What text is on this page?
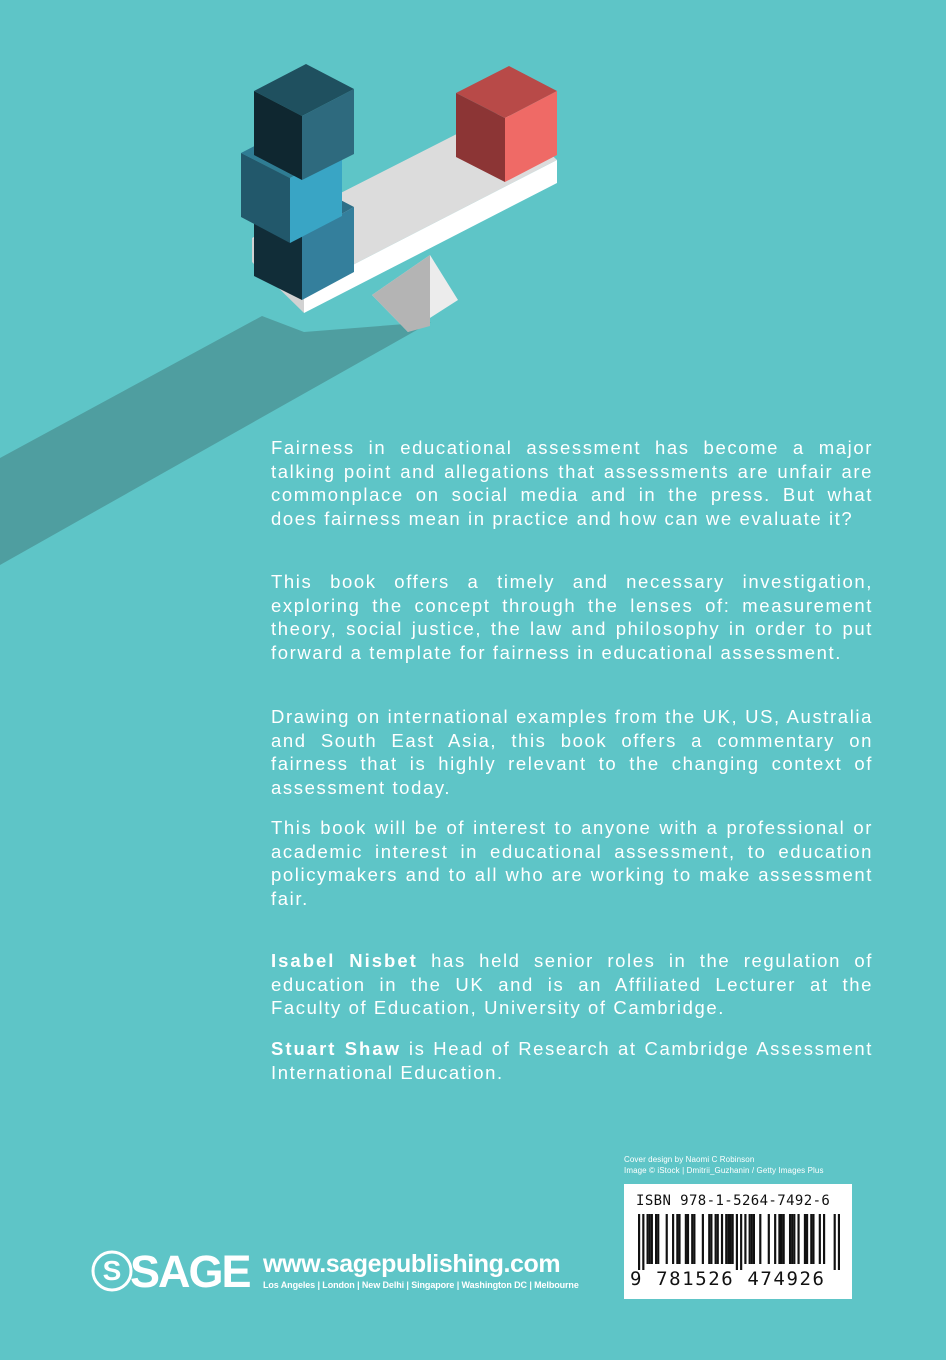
Fairness in educational assessment has become a major talking point and allegations that assessments are unfair are commonplace on social media and in the press. But what does fairness mean in practice and how can we evaluate it?

This book offers a timely and necessary investigation, exploring the concept through the lenses of: measurement theory, social justice, the law and philosophy in order to put forward a template for fairness in educational assessment.

Drawing on international examples from the UK, US, Australia and South East Asia, this book offers a commentary on fairness that is highly relevant to the changing context of assessment today.

This book will be of interest to anyone with a professional or academic interest in educational assessment, to education policymakers and to all who are working to make assessment fair.

Isabel Nisbet has held senior roles in the regulation of education in the UK and is an Affiliated Lecturer at the Faculty of Education, University of Cambridge.

Stuart Shaw is Head of Research at Cambridge Assessment International Education.

Cover design by Naomi C Robinson
Image © iStock | Dmitrii_Guzhanin / Getty Images Plus
ISBN 978-1-5264-7492-6
9 781526 474926
S SAGE www.sagepublishing.com
Los Angeles | London | New Delhi | Singapore | Washington DC | Melbourne
